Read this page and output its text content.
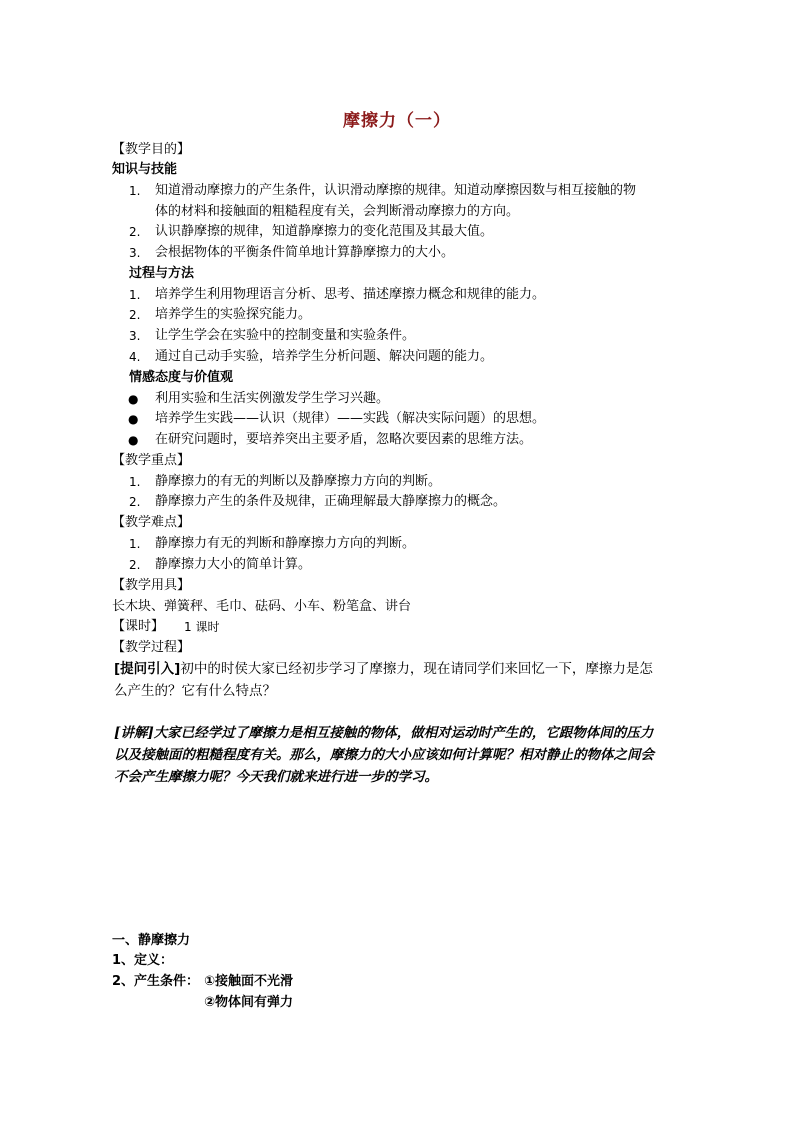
摩擦力（一）
【教学目的】
知识与技能
1. 知道滑动摩擦力的产生条件，认识滑动摩擦的规律。知道动摩擦因数与相互接触的物
体的材料和接触面的粗糙程度有关，会判断滑动摩擦力的方向。
2. 认识静摩擦的规律，知道静摩擦力的变化范围及其最大值。
3. 会根据物体的平衡条件简单地计算静摩擦力的大小。
过程与方法
1. 培养学生利用物理语言分析、思考、描述摩擦力概念和规律的能力。
2. 培养学生的实验探究能力。
3. 让学生学会在实验中的控制变量和实验条件。
4. 通过自己动手实验，培养学生分析问题、解决问题的能力。
情感态度与价值观
● 利用实验和生活实例激发学生学习兴趣。
● 培养学生实践——认识（规律）——实践（解决实际问题）的思想。
● 在研究问题时，要培养突出主要矛盾，忽略次要因素的思维方法。
【教学重点】
1. 静摩擦力的有无的判断以及静摩擦力方向的判断。
2. 静摩擦力产生的条件及规律，正确理解最大静摩擦力的概念。
【教学难点】
1. 静摩擦力有无的判断和静摩擦力方向的判断。
2. 静摩擦力大小的简单计算。
【教学用具】
长木块、弹簧秤、毛巾、砝码、小车、粉笔盒、讲台
【课时】 1 课时
【教学过程】
[提问引入]初中的时侯大家已经初步学习了摩擦力，现在请同学们来回忆一下，摩擦力是怎
么产生的？它有什么特点？
[讲解]大家已经学过了摩擦力是相互接触的物体，做相对运动时产生的，它跟物体间的压力
以及接触面的粗糙程度有关。那么，摩擦力的大小应该如何计算呢？相对静止的物体之间会
不会产生摩擦力呢？今天我们就来进行进一步的学习。
一、静摩擦力
1、定义：
2、产生条件： ①接触面不光滑
②物体间有弹力
